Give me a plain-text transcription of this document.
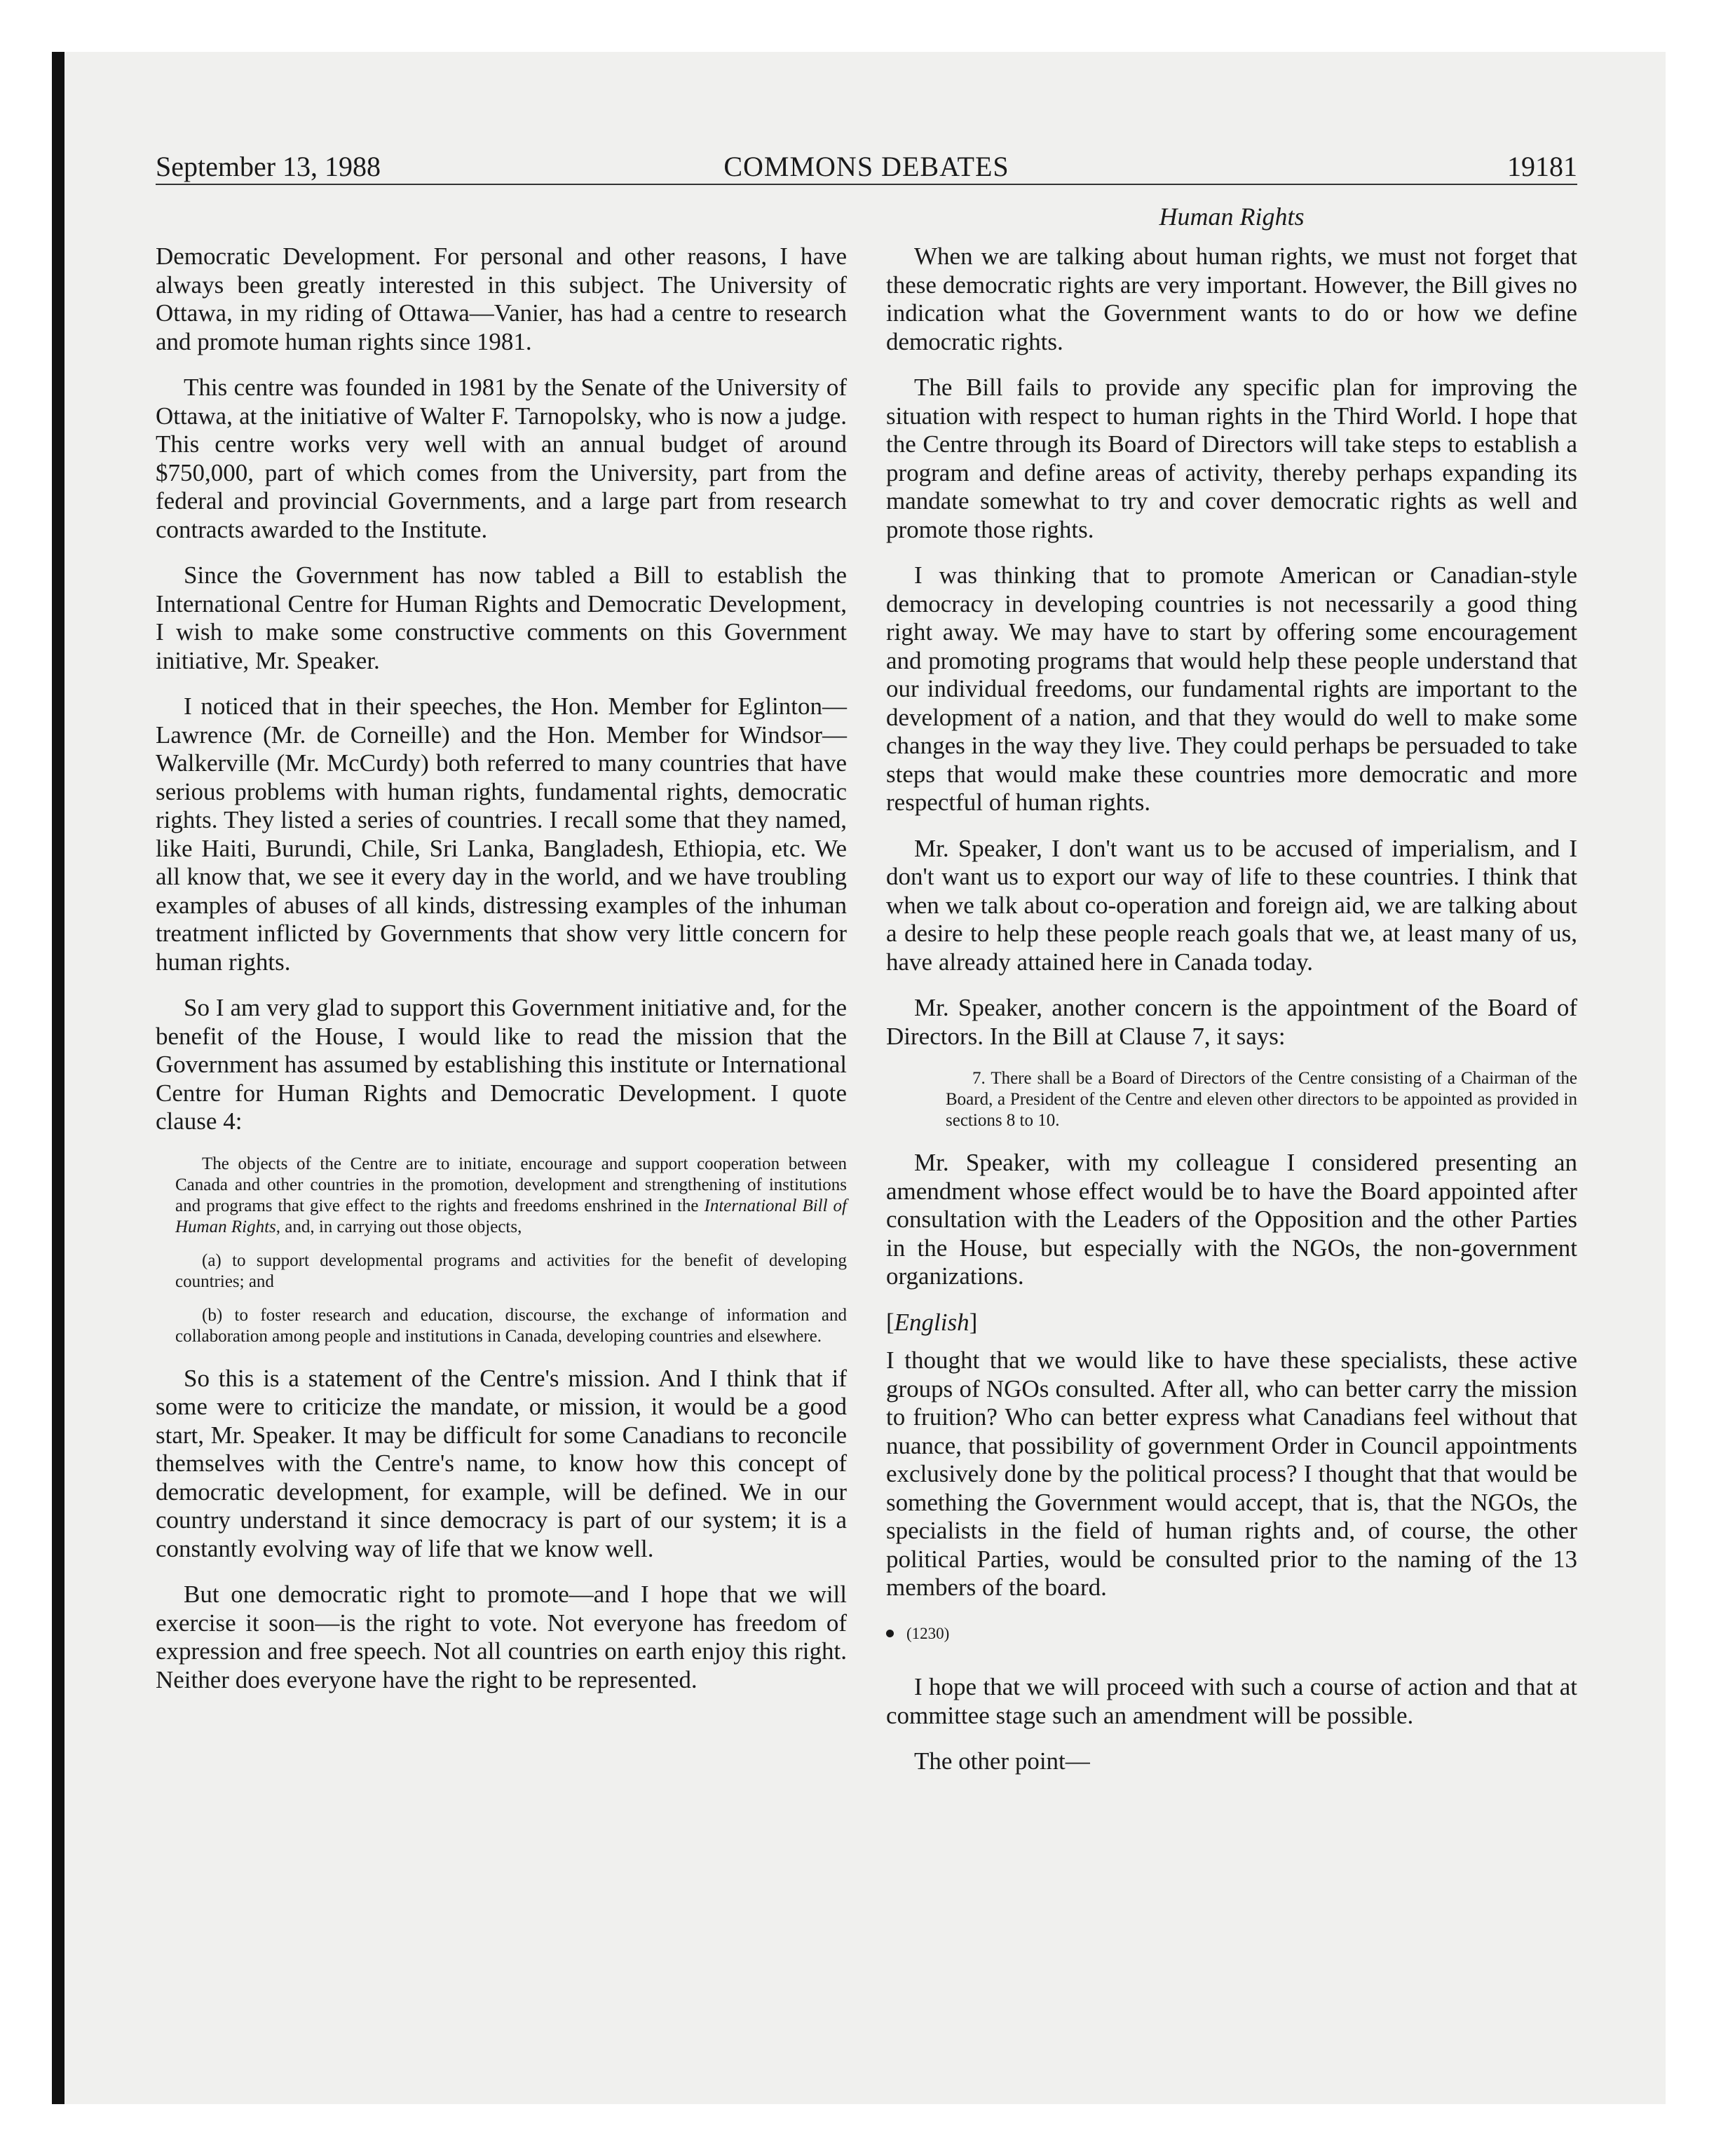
September 13, 1988	COMMONS DEBATES	19181
Human Rights

Democratic Development. For personal and other reasons, I have always been greatly interested in this subject. The University of Ottawa, in my riding of Ottawa—Vanier, has had a centre to research and promote human rights since 1981.

This centre was founded in 1981 by the Senate of the University of Ottawa, at the initiative of Walter F. Tarnopolsky, who is now a judge. This centre works very well with an annual budget of around $750,000, part of which comes from the University, part from the federal and provincial Governments, and a large part from research contracts awarded to the Institute.

Since the Government has now tabled a Bill to establish the International Centre for Human Rights and Democratic Development, I wish to make some constructive comments on this Government initiative, Mr. Speaker.

I noticed that in their speeches, the Hon. Member for Eglinton—Lawrence (Mr. de Corneille) and the Hon. Member for Windsor—Walkerville (Mr. McCurdy) both referred to many countries that have serious problems with human rights, fundamental rights, democratic rights. They listed a series of countries. I recall some that they named, like Haiti, Burundi, Chile, Sri Lanka, Bangladesh, Ethiopia, etc. We all know that, we see it every day in the world, and we have troubling examples of abuses of all kinds, distressing examples of the inhuman treatment inflicted by Governments that show very little concern for human rights.

So I am very glad to support this Government initiative and, for the benefit of the House, I would like to read the mission that the Government has assumed by establishing this institute or International Centre for Human Rights and Democratic Development. I quote clause 4:

The objects of the Centre are to initiate, encourage and support cooperation between Canada and other countries in the promotion, development and strengthening of institutions and programs that give effect to the rights and freedoms enshrined in the International Bill of Human Rights, and, in carrying out those objects,
(a) to support developmental programs and activities for the benefit of developing countries; and
(b) to foster research and education, discourse, the exchange of information and collaboration among people and institutions in Canada, developing countries and elsewhere.

So this is a statement of the Centre's mission. And I think that if some were to criticize the mandate, or mission, it would be a good start, Mr. Speaker. It may be difficult for some Canadians to reconcile themselves with the Centre's name, to know how this concept of democratic development, for example, will be defined. We in our country understand it since democracy is part of our system; it is a constantly evolving way of life that we know well.

But one democratic right to promote—and I hope that we will exercise it soon—is the right to vote. Not everyone has freedom of expression and free speech. Not all countries on earth enjoy this right. Neither does everyone have the right to be represented.

When we are talking about human rights, we must not forget that these democratic rights are very important. However, the Bill gives no indication what the Government wants to do or how we define democratic rights.

The Bill fails to provide any specific plan for improving the situation with respect to human rights in the Third World. I hope that the Centre through its Board of Directors will take steps to establish a program and define areas of activity, thereby perhaps expanding its mandate somewhat to try and cover democratic rights as well and promote those rights.

I was thinking that to promote American or Canadian-style democracy in developing countries is not necessarily a good thing right away. We may have to start by offering some encouragement and promoting programs that would help these people understand that our individual freedoms, our fundamental rights are important to the development of a nation, and that they would do well to make some changes in the way they live. They could perhaps be persuaded to take steps that would make these countries more democratic and more respectful of human rights.

Mr. Speaker, I don't want us to be accused of imperialism, and I don't want us to export our way of life to these countries. I think that when we talk about co-operation and foreign aid, we are talking about a desire to help these people reach goals that we, at least many of us, have already attained here in Canada today.

Mr. Speaker, another concern is the appointment of the Board of Directors. In the Bill at Clause 7, it says:

7. There shall be a Board of Directors of the Centre consisting of a Chairman of the Board, a President of the Centre and eleven other directors to be appointed as provided in sections 8 to 10.

Mr. Speaker, with my colleague I considered presenting an amendment whose effect would be to have the Board appointed after consultation with the Leaders of the Opposition and the other Parties in the House, but especially with the NGOs, the non-government organizations.

[English]

I thought that we would like to have these specialists, these active groups of NGOs consulted. After all, who can better carry the mission to fruition? Who can better express what Canadians feel without that nuance, that possibility of government Order in Council appointments exclusively done by the political process? I thought that that would be something the Government would accept, that is, that the NGOs, the specialists in the field of human rights and, of course, the other political Parties, would be consulted prior to the naming of the 13 members of the board.

(1230)

I hope that we will proceed with such a course of action and that at committee stage such an amendment will be possible.

The other point—
